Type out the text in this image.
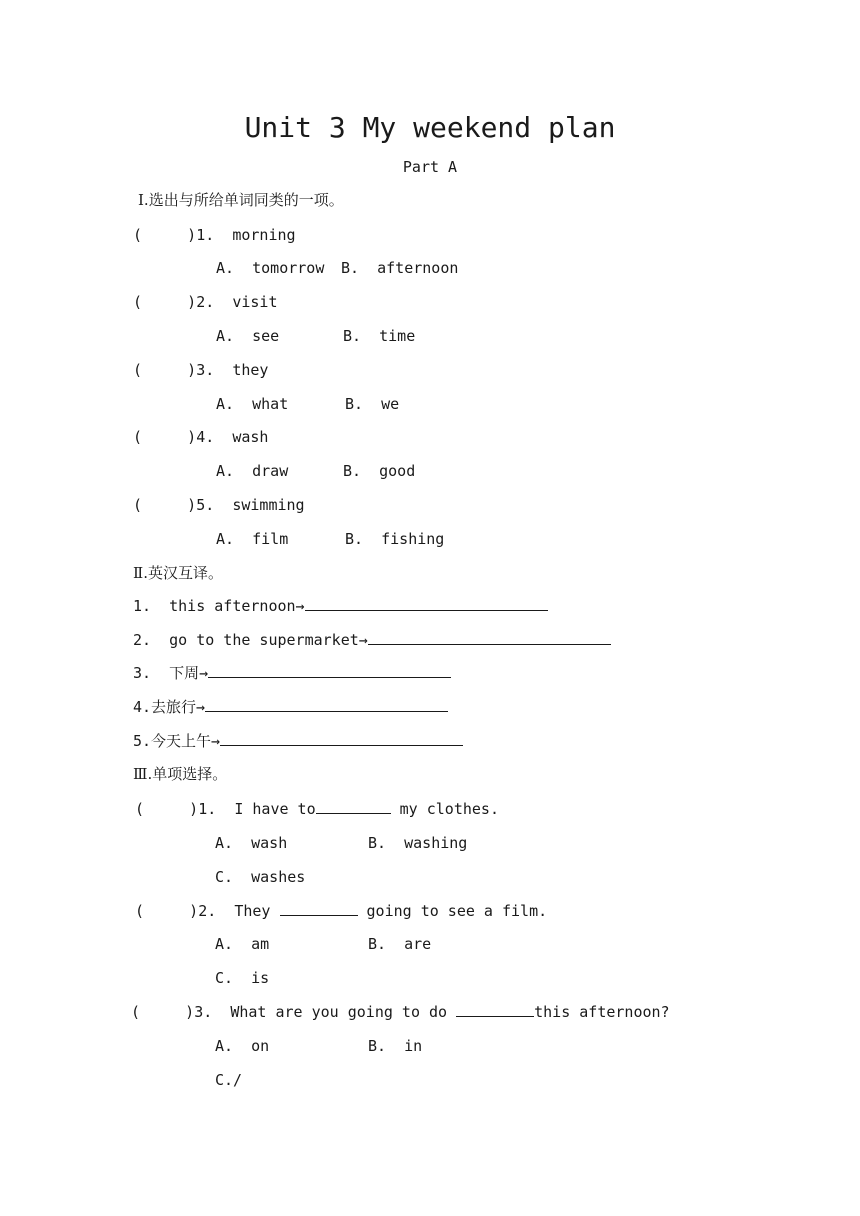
Unit 3 My weekend plan
Part A
Ⅰ.选出与所给单词同类的一项。
(     )1.  morning
A.  tomorrow B.  afternoon
(     )2.  visit
A.  see	B.  time
(     )3.  they
A.  what	B.  we
(     )4.  wash
A.  draw	B.  good
(     )5.  swimming
A.  film	B.  fishing
Ⅱ.英汉互译。
1.  this afternoon→
2.  go to the supermarket→
3.  下周→
4.去旅行→
5.今天上午→
Ⅲ.单项选择。
(     )1.  I have to	my clothes.
A.  wash	B.  washing
C.  washes
(     )2.  They	going to see a film.
A.  am	B.  are
C.  is
(     )3.  What are you going to do	this afternoon?
A.  on	B.  in
C./
